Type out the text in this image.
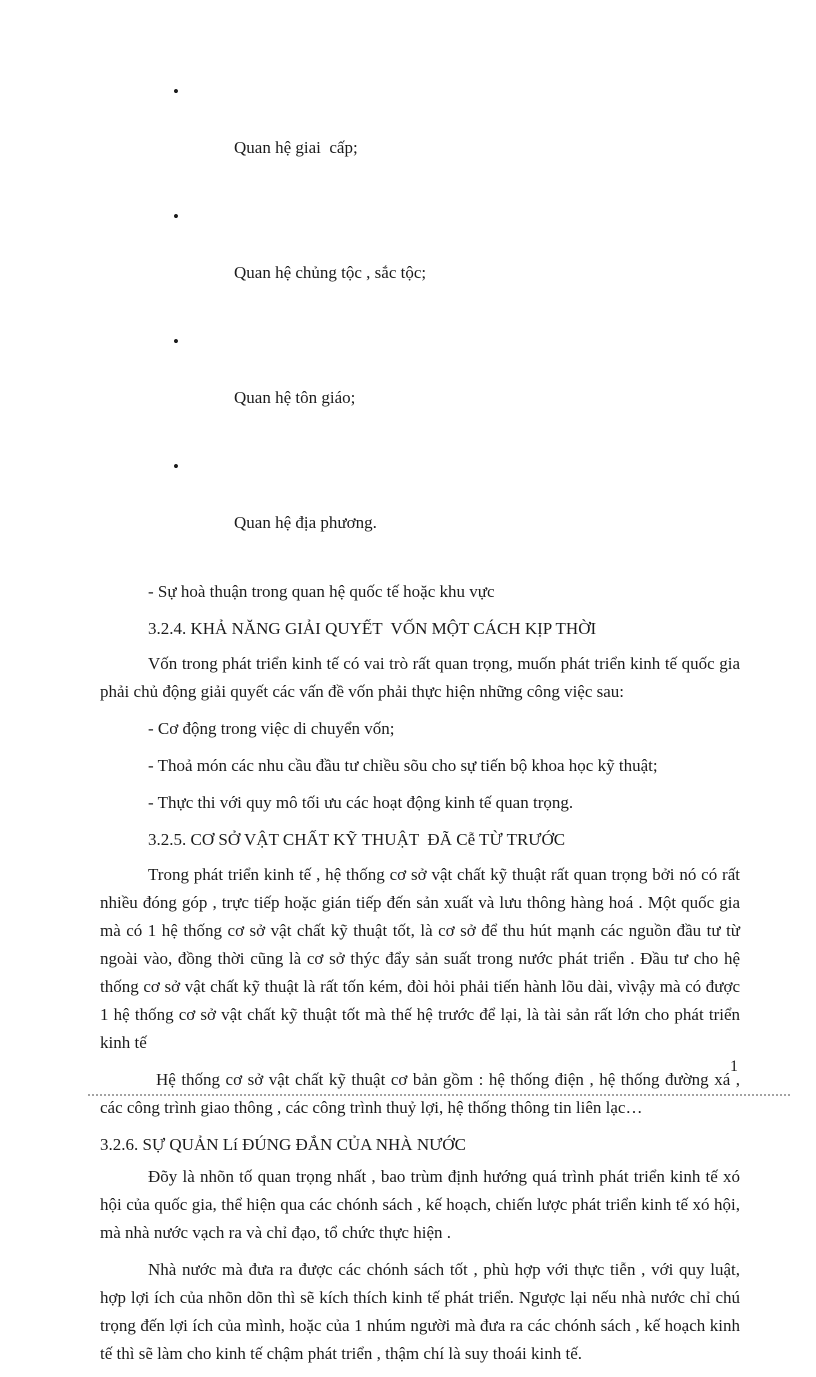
•

Quan hệ giai  cấp;

•

Quan hệ chủng tộc , sắc tộc;

•

Quan hệ tôn giáo;

•

Quan hệ địa phương.

- Sự hoà thuận trong quan hệ quốc tế hoặc khu vực

3.2.4. KHẢ NĂNG GIẢI QUYẾT  VỐN MỘT CÁCH KỊP THỜI

Vốn trong phát triển kinh tế có vai trò rất quan trọng, muốn phát triển kinh tế quốc gia phải chủ động giải quyết các vấn đề vốn phải thực hiện những công việc sau:

- Cơ động trong việc di chuyển vốn;

- Thoả món các nhu cầu đầu tư chiều sõu cho sự tiến bộ khoa học kỹ thuật;

- Thực thi với quy mô tối ưu các hoạt động kinh tế quan trọng.

3.2.5. CƠ SỞ VẬT CHẤT KỸ THUẬT  ĐÃ Cễ TỪ TRƯỚC

Trong phát triển kinh tế , hệ thống cơ sở vật chất kỹ thuật rất quan trọng bởi nó có rất nhiều đóng góp , trực tiếp hoặc gián tiếp đến sản xuất và lưu thông hàng hoá . Một quốc gia mà có 1 hệ thống cơ sở vật chất kỹ thuật tốt, là cơ sở để thu hút mạnh các nguồn đầu tư từ ngoài vào, đồng thời cũng là cơ sở thýc đẩy sản suất trong nước phát triển . Đầu tư cho hệ thống cơ sở vật chất kỹ thuật là rất tốn kém, đòi hỏi phải tiến hành lõu dài, vìvậy mà có được 1 hệ thống cơ sở vật chất kỹ thuật tốt mà thế hệ trước để lại, là tài sản rất lớn cho phát triển kinh tế

Hệ thống cơ sở vật chất kỹ thuật cơ bản gồm : hệ thống điện , hệ thống đường xá , các công trình giao thông , các công trình thuỷ lợi, hệ thống thông tin liên lạc…

3.2.6. SỰ QUẢN Lí ĐÚNG ĐẮN CỦA NHÀ NƯỚC

Đõy là nhõn tố quan trọng nhất , bao trùm định hướng quá trình phát triển kinh tế xó hội của quốc gia, thể hiện qua các chónh sách , kế hoạch, chiến lược phát triển kinh tế xó hội, mà nhà nước vạch ra và chỉ đạo, tổ chức thực hiện .

Nhà nước mà đưa ra được các chónh sách tốt , phù hợp với thực tiễn , với quy luật, hợp lợi ích của nhõn dõn thì sẽ kích thích kinh tế phát triển. Ngược lại nếu nhà nước chỉ chú trọng đến lợi ích của mình, hoặc của 1 nhúm người mà đưa ra các chónh sách , kế hoạch kinh tế thì sẽ làm cho kinh tế chậm phát triển , thậm chí là suy thoái kinh tế.

1
